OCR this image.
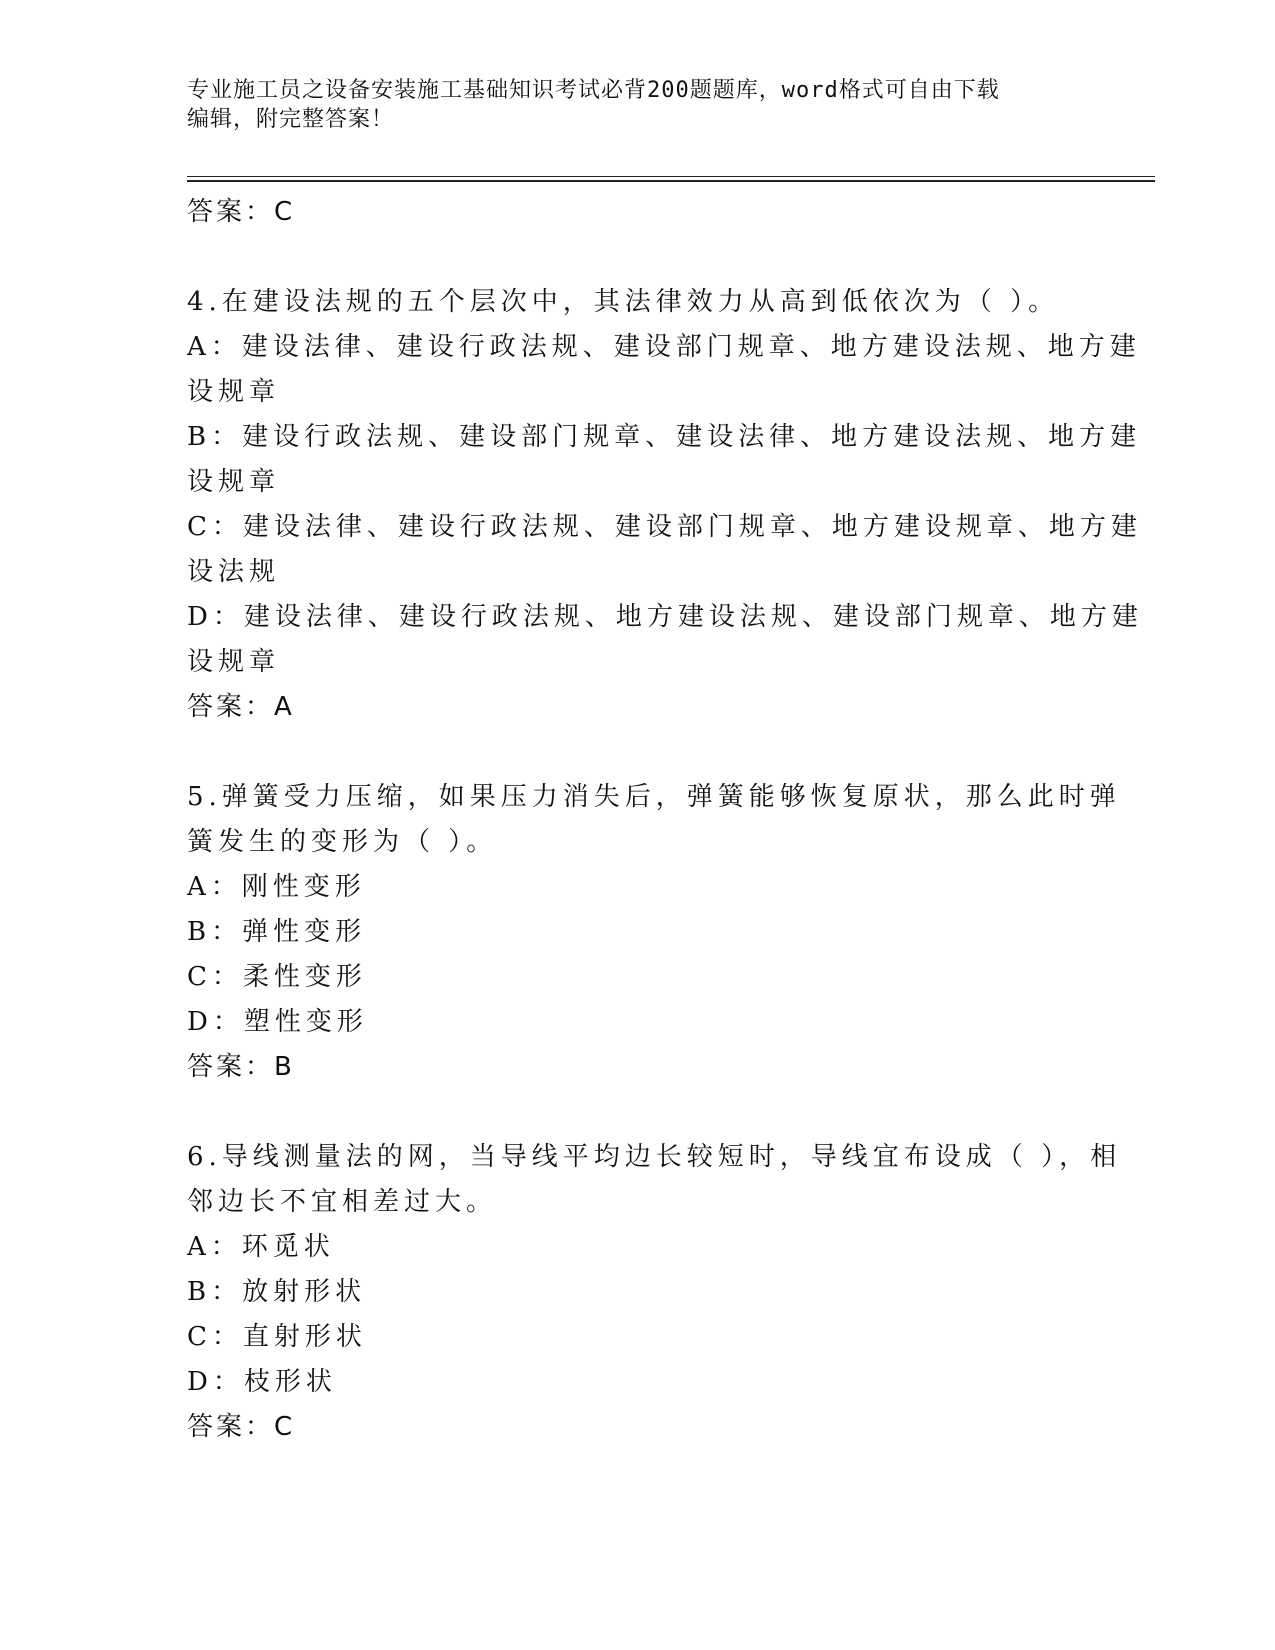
专业施工员之设备安装施工基础知识考试必背200题题库，word格式可自由下载
编辑，附完整答案！
答案：C
4.在建设法规的五个层次中，其法律效力从高到低依次为（ ）。
A：建设法律、建设行政法规、建设部门规章、地方建设法规、地方建
设规章
B：建设行政法规、建设部门规章、建设法律、地方建设法规、地方建
设规章
C：建设法律、建设行政法规、建设部门规章、地方建设规章、地方建
设法规
D：建设法律、建设行政法规、地方建设法规、建设部门规章、地方建
设规章
答案：A
5.弹簧受力压缩，如果压力消失后，弹簧能够恢复原状，那么此时弹
簧发生的变形为（ ）。
A：刚性变形
B：弹性变形
C：柔性变形
D：塑性变形
答案：B
6.导线测量法的网，当导线平均边长较短时，导线宜布设成（ ），相
邻边长不宜相差过大。
A：环觅状
B：放射形状
C：直射形状
D：枝形状
答案：C
